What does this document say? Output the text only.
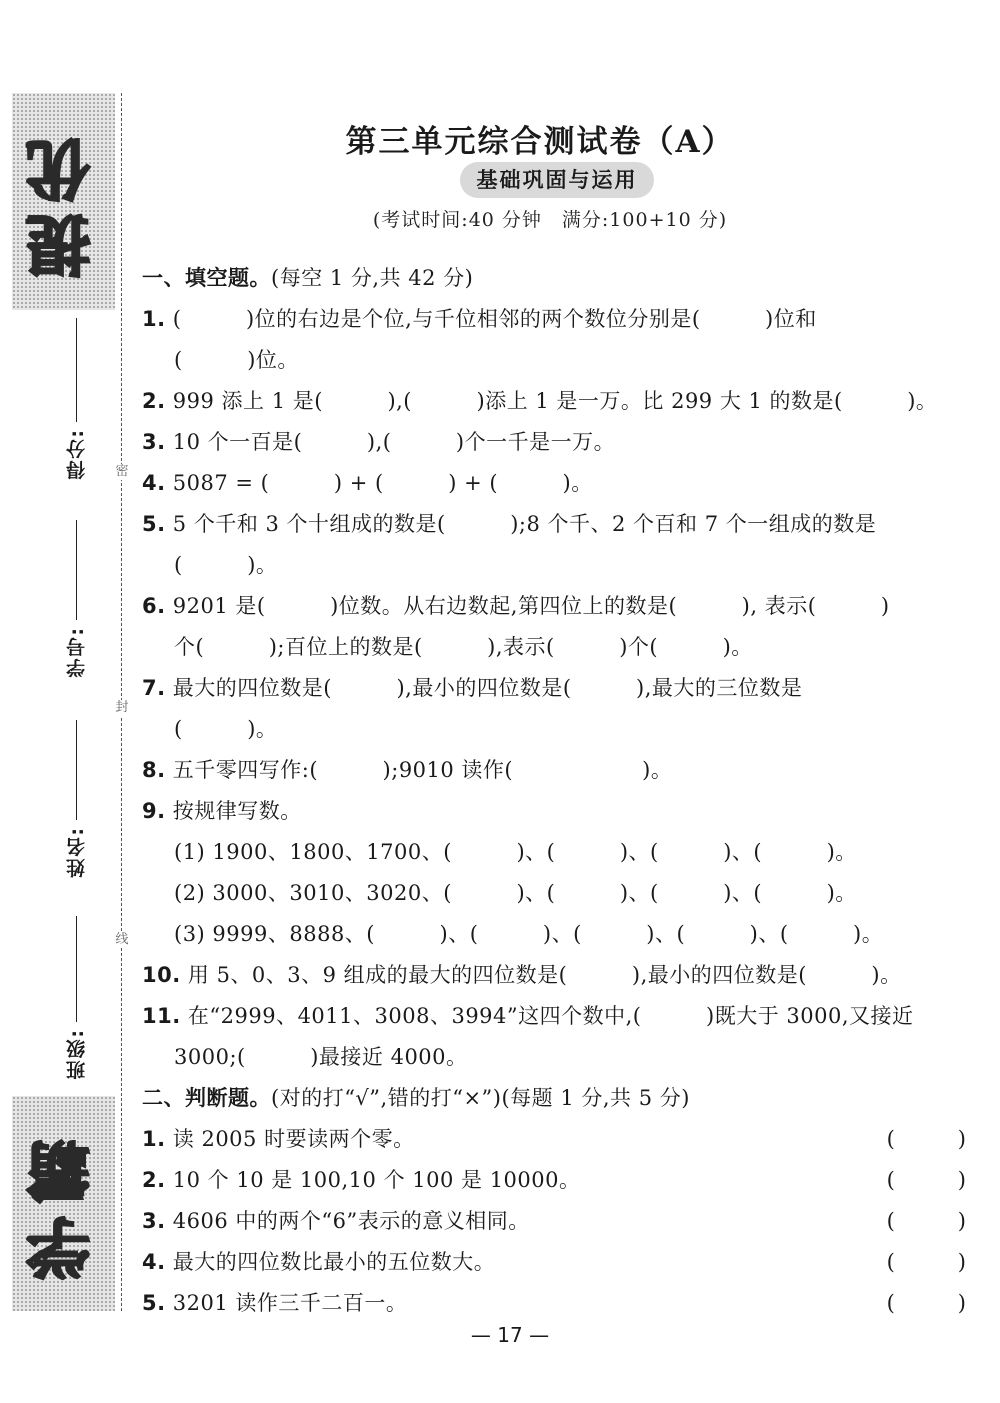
提优
学霸
密
封
线
得分:
学号:
姓名:
班级:
第三单元综合测试卷（A）
基础巩固与运用
(考试时间:40 分钟　满分:100+10 分)
一、填空题。(每空 1 分,共 42 分)
1. (　　　)位的右边是个位,与千位相邻的两个数位分别是(　　　)位和
(　　　)位。
2. 999 添上 1 是(　　　),(　　　)添上 1 是一万。比 299 大 1 的数是(　　　)。
3. 10 个一百是(　　　),(　　　)个一千是一万。
4. 5087 = (　　　) + (　　　) + (　　　)。
5. 5 个千和 3 个十组成的数是(　　　);8 个千、2 个百和 7 个一组成的数是
(　　　)。
6. 9201 是(　　　)位数。从右边数起,第四位上的数是(　　　), 表示(　　　)
个(　　　);百位上的数是(　　　),表示(　　　)个(　　　)。
7. 最大的四位数是(　　　),最小的四位数是(　　　),最大的三位数是
(　　　)。
8. 五千零四写作:(　　　);9010 读作(　　　　　　)。
9. 按规律写数。
(1) 1900、1800、1700、(　　　)、(　　　)、(　　　)、(　　　)。
(2) 3000、3010、3020、(　　　)、(　　　)、(　　　)、(　　　)。
(3) 9999、8888、(　　　)、(　　　)、(　　　)、(　　　)、(　　　)。
10. 用 5、0、3、9 组成的最大的四位数是(　　　),最小的四位数是(　　　)。
11. 在“2999、4011、3008、3994”这四个数中,(　　　)既大于 3000,又接近
3000;(　　　)最接近 4000。
二、判断题。(对的打“√”,错的打“×”)(每题 1 分,共 5 分)
1. 读 2005 时要读两个零。	(　　　)
2. 10 个 10 是 100,10 个 100 是 10000。	(　　　)
3. 4606 中的两个“6”表示的意义相同。	(　　　)
4. 最大的四位数比最小的五位数大。	(　　　)
5. 3201 读作三千二百一。	(　　　)
— 17 —
